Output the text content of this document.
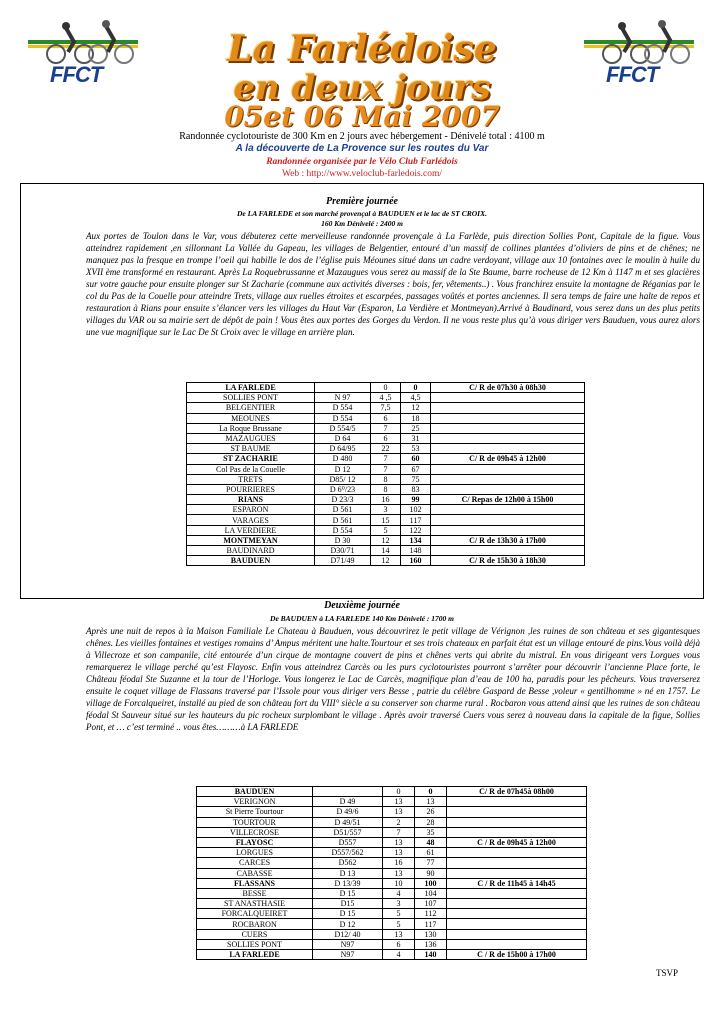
FFCT	FFCT
La Farlédoise
en deux jours
05et 06 Mai 2007
Randonnée cyclotouriste de 300 Km en 2 jours avec hébergement - Dénivelé total : 4100 m
A la découverte de La Provence sur les routes du Var
Randonnée organisée par le Vélo Club Farlédois
Web : http://www.veloclub-farledois.com/
Première journée
De LA FARLEDE et son marché provençal à BAUDUEN et le lac de ST CROIX.
160 Km Dénivelé : 2400 m
Aux portes de Toulon dans le Var, vous débuterez cette merveilleuse randonnée provençale à La Farlède, puis direction Sollies Pont, Capitale de la figue. Vous atteindrez rapidement ,en sillonnant La Vallée du Gapeau, les villages de Belgentier, entouré d’un massif de collines plantées d’oliviers de pins et de chênes; ne manquez pas la fresque en trompe l’oeil qui habille le dos de l’église puis Méounes situé dans un cadre verdoyant, village aux 10 fontaines avec le moulin à huile du XVII ème transformé en restaurant. Après La Roquebrussanne et Mazaugues vous serez au massif de la Ste Baume, barre rocheuse de 12 Km à 1147 m et ses glacières sur votre gauche pour ensuite plonger sur St Zacharie (commune aux activités diverses : bois, fer, vêtements..) . Vous franchirez ensuite la montagne de Réganias par le col du Pas de la Couelle pour atteindre Trets, village aux ruelles étroites et escarpées, passages voûtés et portes anciennes. Il sera temps de faire une halte de repos et restauration à Rians pour ensuite s’élancer vers les villages du Haut Var (Esparon, La Verdière et Montmeyan).Arrivé à Baudinard, vous serez dans un des plus petits villages du VAR ou sa mairie sert de dépôt de pain ! Vous êtes aux portes des Gorges du Verdon. Il ne vous reste plus qu’à vous diriger vers Bauduen, vous aurez alors une vue magnifique sur le Lac De St Croix avec le village en arrière plan.
LA FARLEDE		0	0	C/ R de 07h30 à 08h30
SOLLIES PONT	N 97	4 ,5	4,5	
BELGENTIER	D 554	7,5	12	
MEOUNES	D 554	6	18	
La Roque Brussane	D 554/5	7	25	
MAZAUGUES	D 64	6	31	
ST BAUME	D 64/95	22	53	
ST ZACHARIE	D 480	7	60	C/ R de 09h45 à 12h00
Col Pas de la Couelle	D 12	7	67	
TRETS	D85/ 12	8	75	
POURRIERES	D 6⁰/23	8	83	
RIANS	D 23/3	16	99	C/ Repas de 12h00 à 15h00
ESPARON	D 561	3	102	
VARAGES	D 561	15	117	
LA VERDIERE	D 554	5	122	
MONTMEYAN	D 30	12	134	C/ R de 13h30 à 17h00
BAUDINARD	D30/71	14	148	
BAUDUEN	D71/49	12	160	C/ R de 15h30 à 18h30
Deuxième journée
De BAUDUEN à LA FARLEDE 140 Km Dénivelé : 1700 m
Après une nuit de repos à la Maison Familiale Le Chateau à Bauduen, vous découvrirez le petit village de Vérignon ,les ruines de son château et ses gigantesques chênes. Les vieilles fontaines et vestiges romains d’ Ampus méritent une halte.Tourtour et ses trois chateaux en parfait état est un village entouré de pins.Vous voilà déjà à Villecroze et son campanile, cité entourée d’un cirque de montagne couvert de pins et chênes verts qui abrite du mistral. En vous dirigeant vers Lorgues vous remarquerez le village perché qu’est Flayosc. Enfin vous atteindrez Carcès ou les purs cyclotouristes pourront s’arrêter pour découvrir l’ancienne Place forte, le Château féodal Ste Suzanne et la tour de l’Horloge. Vous longerez le Lac de Carcès, magnifique plan d’eau de 100 ha, paradis pour les pêcheurs. Vous traverserez ensuite le coquet village de Flassans traversé par l’Issole pour vous diriger vers Besse , patrie du célèbre Gaspard de Besse ,voleur « gentilhomme » né en 1757. Le village de Forcalqueiret, installé au pied de son château fort du VIII° siècle a su conserver son charme rural . Rocbaron vous attend ainsi que les ruines de son château féodal St Sauveur situé sur les hauteurs du pic rocheux surplombant le village . Après avoir traversé Cuers vous serez à nouveau dans la capitale de la figue, Sollies Pont, et … c’est terminé .. vous êtes………à LA FARLEDE
BAUDUEN		0	0	C/ R de 07h45à 08h00
VERIGNON	D 49	13	13	
St Pierre Tourtour	D 49/6	13	26	
TOURTOUR	D 49/51	2	28	
VILLECROSE	D51/557	7	35	
FLAYOSC	D557	13	48	C / R de 09h45 à 12h00
LORGUES	D557/562	13	61	
CARCES	D562	16	77	
CABASSE	D 13	13	90	
FLASSANS	D 13/39	10	100	C / R de 11h45 à 14h45
BESSE	D 15	4	104	
ST ANASTHASIE	D15	3	107	
FORCALQUEIRET	D 15	5	112	
ROCBARON	D 12	5	117	
CUERS	D12/ 40	13	130	
SOLLIES PONT	N97	6	136	
LA FARLEDE	N97	4	140	C / R de 15h00 à 17h00
TSVP
